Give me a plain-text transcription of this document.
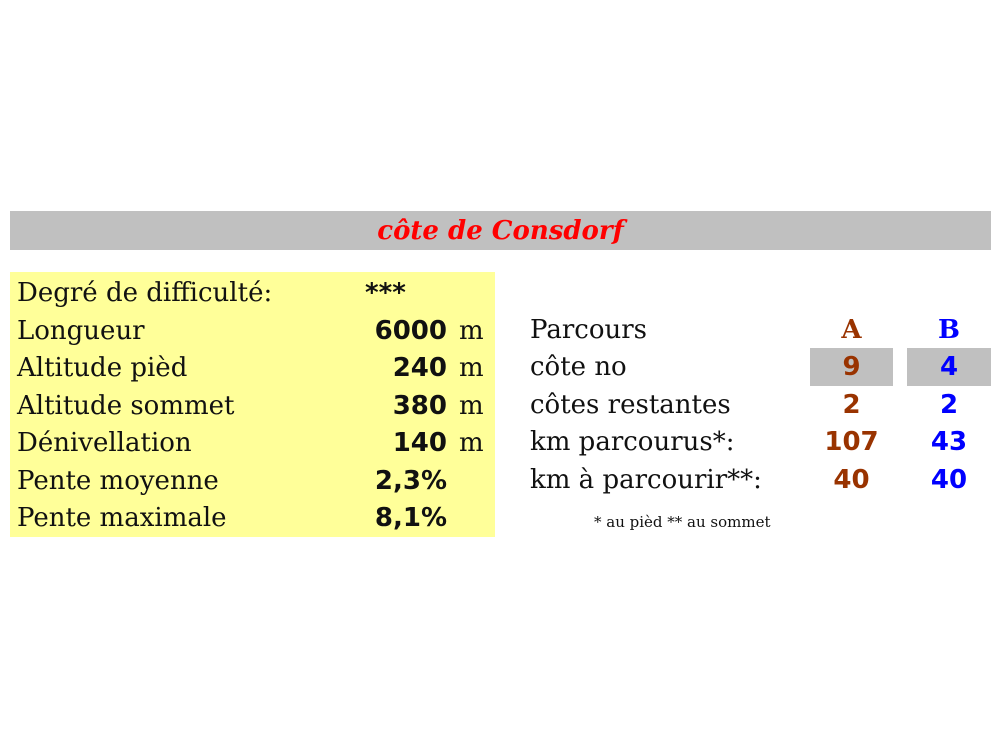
côte de Consdorf
Degré de difficulté:	***
Longueur	6000 m
Altitude pièd	240 m
Altitude sommet	380 m
Dénivellation	140 m
Pente moyenne	2,3%
Pente maximale	8,1%
Parcours	A	B
côte no	9	4
côtes restantes	2	2
km parcourus*:	107	43
km à parcourir**:	40	40
* au pièd ** au sommet
